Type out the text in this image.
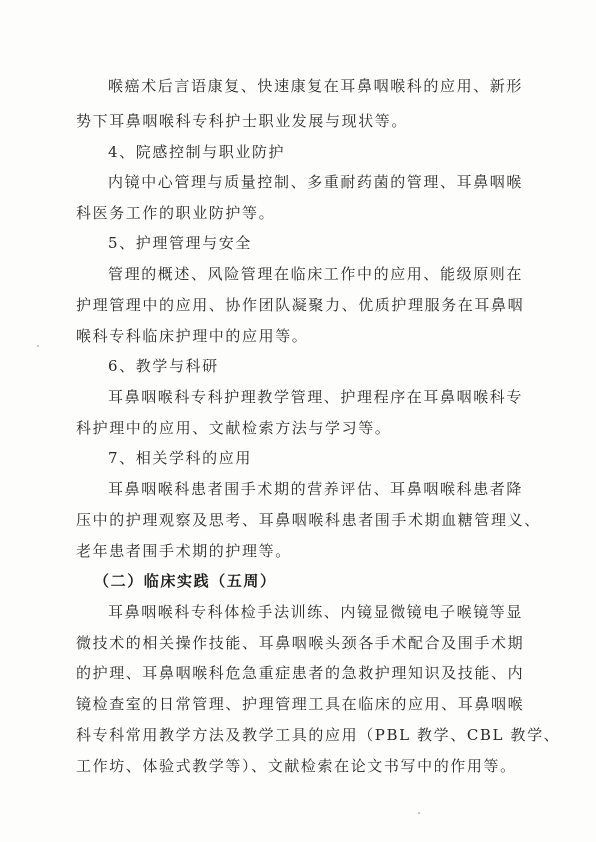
喉癌术后言语康复、快速康复在耳鼻咽喉科的应用、新形
势下耳鼻咽喉科专科护士职业发展与现状等。
4、院感控制与职业防护
内镜中心管理与质量控制、多重耐药菌的管理、耳鼻咽喉
科医务工作的职业防护等。
5、护理管理与安全
管理的概述、风险管理在临床工作中的应用、能级原则在
护理管理中的应用、协作团队凝聚力、优质护理服务在耳鼻咽
喉科专科临床护理中的应用等。
6、教学与科研
耳鼻咽喉科专科护理教学管理、护理程序在耳鼻咽喉科专
科护理中的应用、文献检索方法与学习等。
7、相关学科的应用
耳鼻咽喉科患者围手术期的营养评估、耳鼻咽喉科患者降
压中的护理观察及思考、耳鼻咽喉科患者围手术期血糖管理义、
老年患者围手术期的护理等。
（二）临床实践（五周）
耳鼻咽喉科专科体检手法训练、内镜显微镜电子喉镜等显
微技术的相关操作技能、耳鼻咽喉头颈各手术配合及围手术期
的护理、耳鼻咽喉科危急重症患者的急救护理知识及技能、内
镜检查室的日常管理、护理管理工具在临床的应用、耳鼻咽喉
科专科常用教学方法及教学工具的应用（PBL 教学、CBL 教学、
工作坊、体验式教学等）、文献检索在论文书写中的作用等。
